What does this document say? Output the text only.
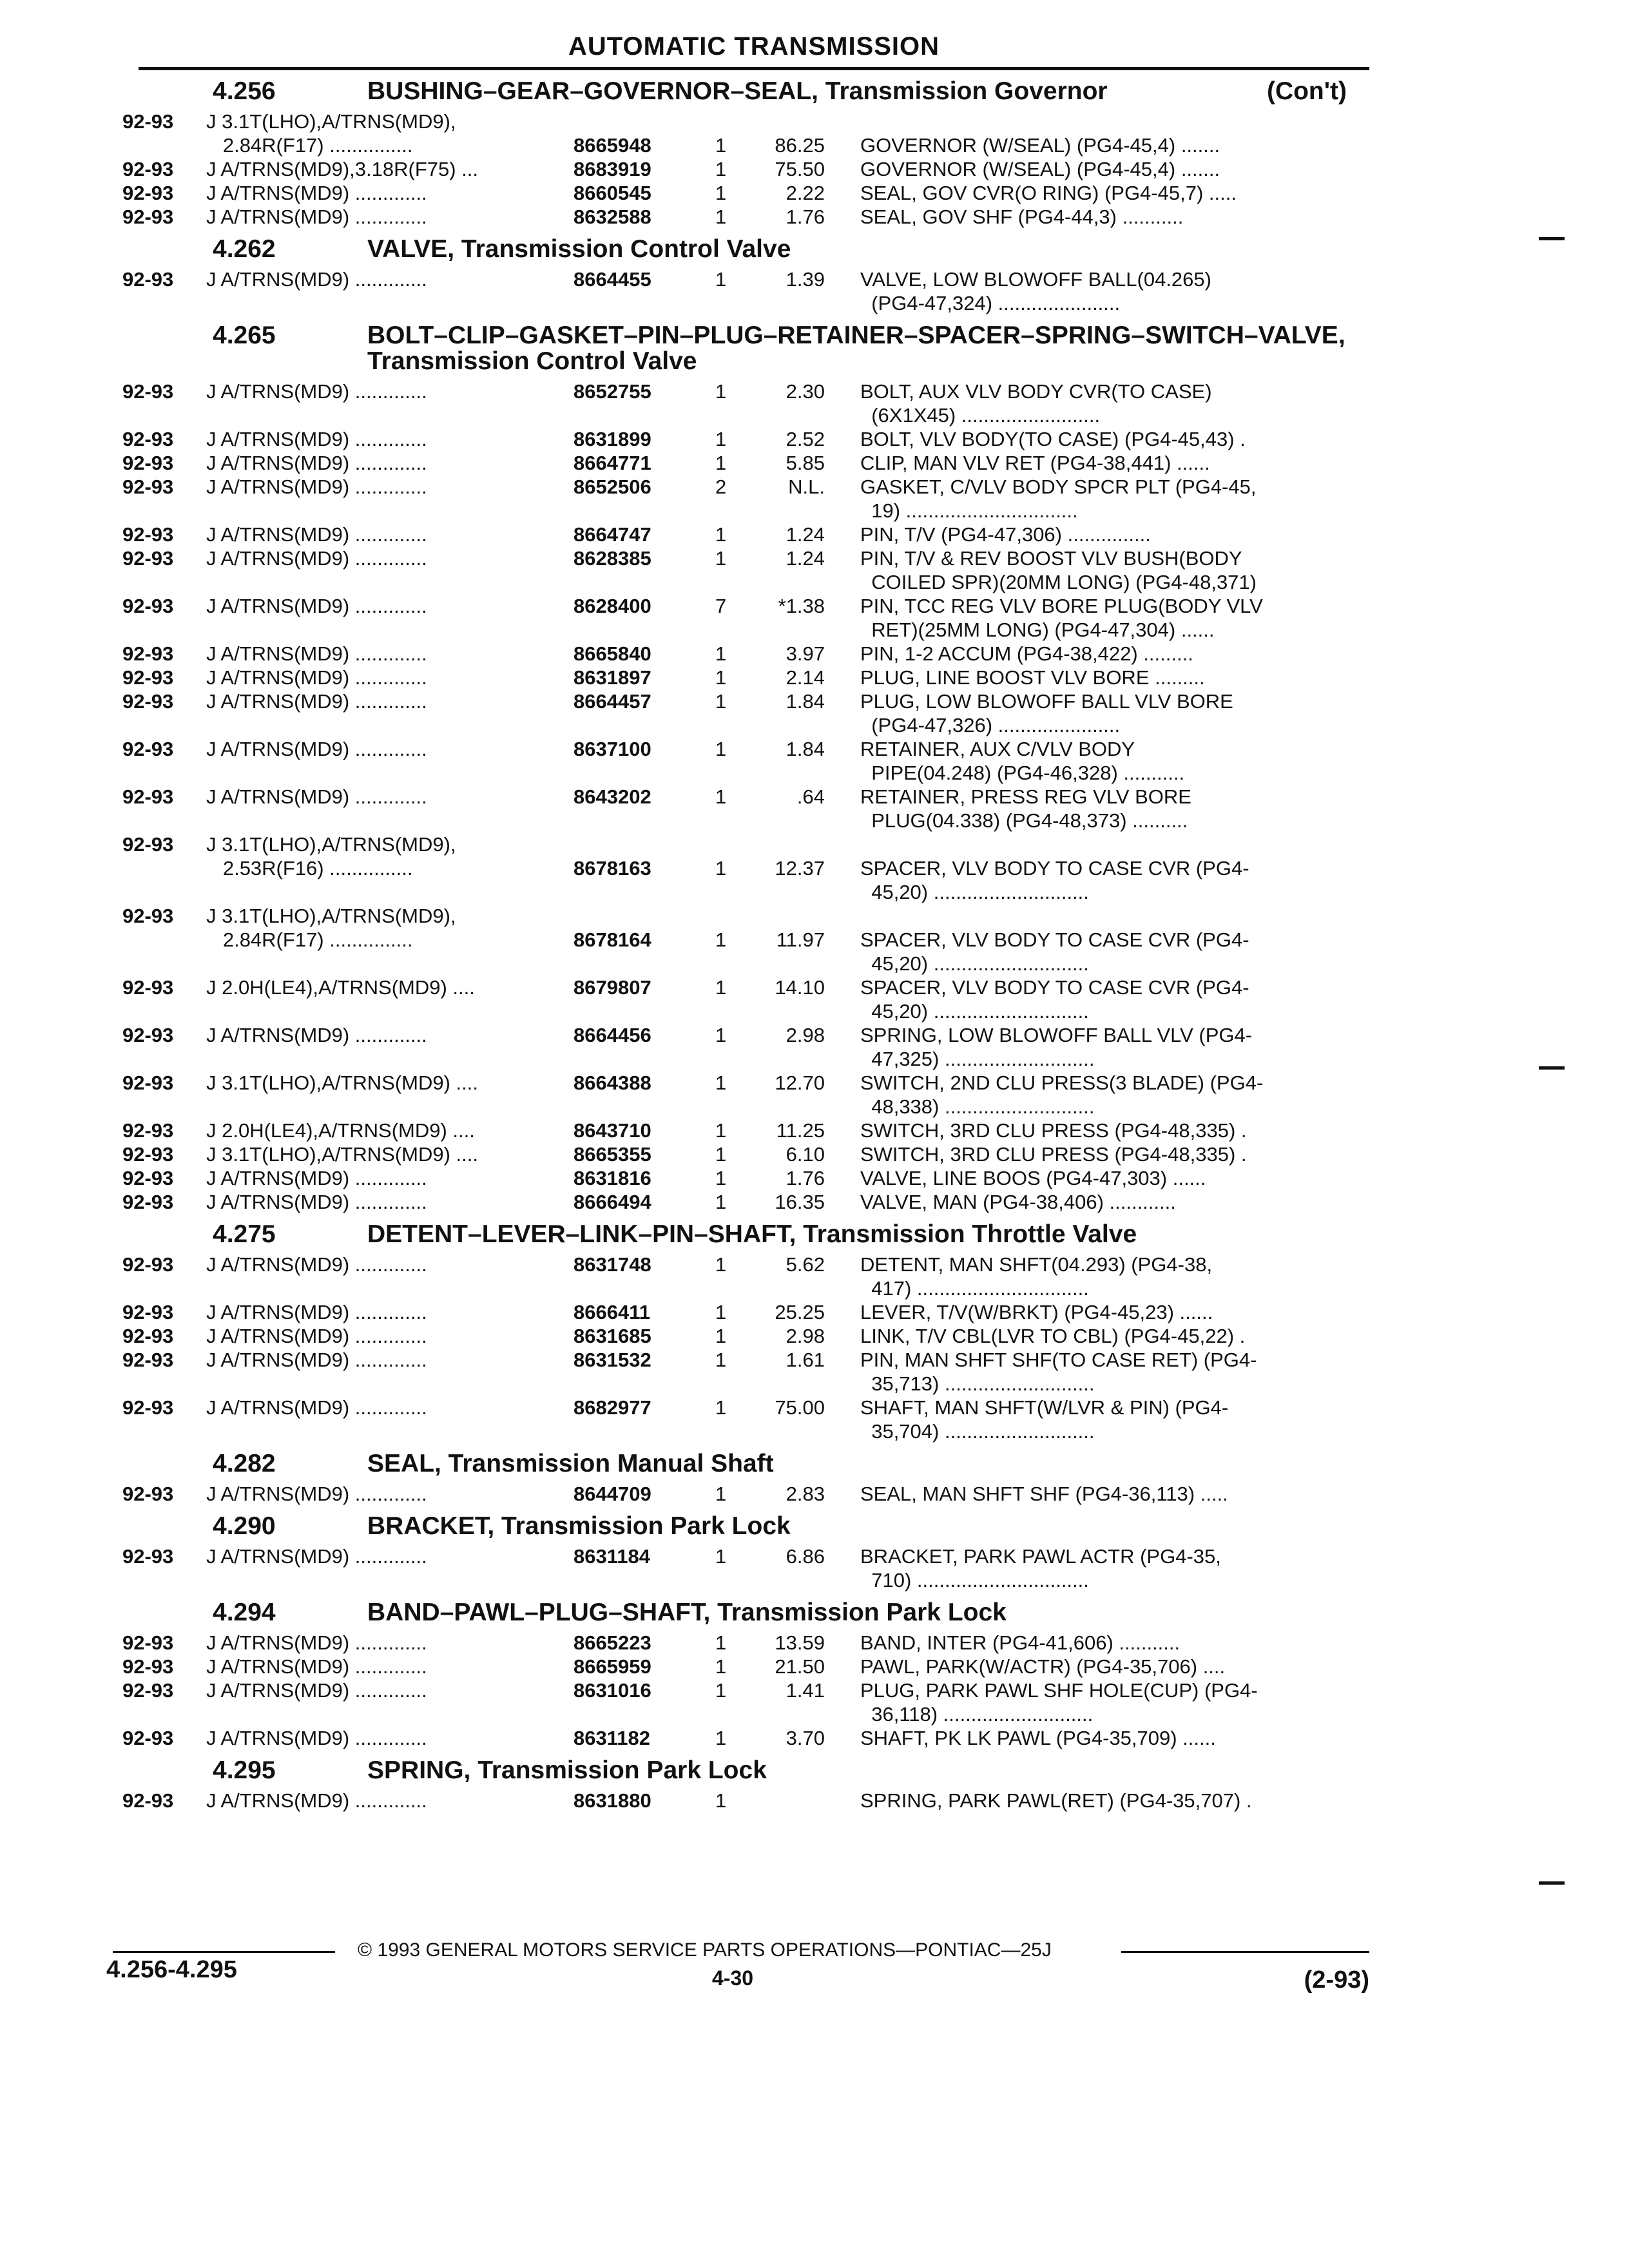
AUTOMATIC TRANSMISSION
4.256	BUSHING–GEAR–GOVERNOR–SEAL, Transmission Governor	(Con't)
92-93	J 3.1T(LHO),A/TRNS(MD9),
2.84R(F17) ...............	8665948	1	86.25 GOVERNOR (W/SEAL) (PG4-45,4) .......
92-93	J A/TRNS(MD9),3.18R(F75) ...	8683919	1	75.50 GOVERNOR (W/SEAL) (PG4-45,4) .......
92-93	J A/TRNS(MD9) .............	8660545	1	2.22 SEAL, GOV CVR(O RING) (PG4-45,7) .....
92-93	J A/TRNS(MD9) .............	8632588	1	1.76 SEAL, GOV SHF (PG4-44,3) ...........
4.262	VALVE, Transmission Control Valve
92-93	J A/TRNS(MD9) .............	8664455	1	1.39 VALVE, LOW BLOWOFF BALL(04.265)
(PG4-47,324) ......................
4.265	BOLT–CLIP–GASKET–PIN–PLUG–RETAINER–SPACER–SPRING–SWITCH–VALVE, Transmission Control Valve
92-93	J A/TRNS(MD9) .............	8652755	1	2.30 BOLT, AUX VLV BODY CVR(TO CASE)
(6X1X45) .........................
92-93	J A/TRNS(MD9) .............	8631899	1	2.52 BOLT, VLV BODY(TO CASE) (PG4-45,43) .
92-93	J A/TRNS(MD9) .............	8664771	1	5.85 CLIP, MAN VLV RET (PG4-38,441) ......
92-93	J A/TRNS(MD9) .............	8652506	2	N.L. GASKET, C/VLV BODY SPCR PLT (PG4-45,
19) ...............................
92-93	J A/TRNS(MD9) .............	8664747	1	1.24 PIN, T/V (PG4-47,306) ...............
92-93	J A/TRNS(MD9) .............	8628385	1	1.24 PIN, T/V & REV BOOST VLV BUSH(BODY
COILED SPR)(20MM LONG) (PG4-48,371)
92-93	J A/TRNS(MD9) .............	8628400	7	*1.38 PIN, TCC REG VLV BORE PLUG(BODY VLV
RET)(25MM LONG) (PG4-47,304) ......
92-93	J A/TRNS(MD9) .............	8665840	1	3.97 PIN, 1-2 ACCUM (PG4-38,422) .........
92-93	J A/TRNS(MD9) .............	8631897	1	2.14 PLUG, LINE BOOST VLV BORE .........
92-93	J A/TRNS(MD9) .............	8664457	1	1.84 PLUG, LOW BLOWOFF BALL VLV BORE
(PG4-47,326) ......................
92-93	J A/TRNS(MD9) .............	8637100	1	1.84 RETAINER, AUX C/VLV BODY
PIPE(04.248) (PG4-46,328) ...........
92-93	J A/TRNS(MD9) .............	8643202	1	.64 RETAINER, PRESS REG VLV BORE
PLUG(04.338) (PG4-48,373) ..........
92-93	J 3.1T(LHO),A/TRNS(MD9),
2.53R(F16) ...............	8678163	1	12.37 SPACER, VLV BODY TO CASE CVR (PG4-
45,20) ............................
92-93	J 3.1T(LHO),A/TRNS(MD9),
2.84R(F17) ...............	8678164	1	11.97 SPACER, VLV BODY TO CASE CVR (PG4-
45,20) ............................
92-93	J 2.0H(LE4),A/TRNS(MD9) ....	8679807	1	14.10 SPACER, VLV BODY TO CASE CVR (PG4-
45,20) ............................
92-93	J A/TRNS(MD9) .............	8664456	1	2.98 SPRING, LOW BLOWOFF BALL VLV (PG4-
47,325) ...........................
92-93	J 3.1T(LHO),A/TRNS(MD9) ....	8664388	1	12.70 SWITCH, 2ND CLU PRESS(3 BLADE) (PG4-
48,338) ...........................
92-93	J 2.0H(LE4),A/TRNS(MD9) ....	8643710	1	11.25 SWITCH, 3RD CLU PRESS (PG4-48,335) .
92-93	J 3.1T(LHO),A/TRNS(MD9) ....	8665355	1	6.10 SWITCH, 3RD CLU PRESS (PG4-48,335) .
92-93	J A/TRNS(MD9) .............	8631816	1	1.76 VALVE, LINE BOOS (PG4-47,303) ......
92-93	J A/TRNS(MD9) .............	8666494	1	16.35 VALVE, MAN (PG4-38,406) ............
4.275	DETENT–LEVER–LINK–PIN–SHAFT, Transmission Throttle Valve
92-93	J A/TRNS(MD9) .............	8631748	1	5.62 DETENT, MAN SHFT(04.293) (PG4-38,
417) ...............................
92-93	J A/TRNS(MD9) .............	8666411	1	25.25 LEVER, T/V(W/BRKT) (PG4-45,23) ......
92-93	J A/TRNS(MD9) .............	8631685	1	2.98 LINK, T/V CBL(LVR TO CBL) (PG4-45,22) .
92-93	J A/TRNS(MD9) .............	8631532	1	1.61 PIN, MAN SHFT SHF(TO CASE RET) (PG4-
35,713) ...........................
92-93	J A/TRNS(MD9) .............	8682977	1	75.00 SHAFT, MAN SHFT(W/LVR & PIN) (PG4-
35,704) ...........................
4.282	SEAL, Transmission Manual Shaft
92-93	J A/TRNS(MD9) .............	8644709	1	2.83 SEAL, MAN SHFT SHF (PG4-36,113) .....
4.290	BRACKET, Transmission Park Lock
92-93	J A/TRNS(MD9) .............	8631184	1	6.86 BRACKET, PARK PAWL ACTR (PG4-35,
710) ...............................
4.294	BAND–PAWL–PLUG–SHAFT, Transmission Park Lock
92-93	J A/TRNS(MD9) .............	8665223	1	13.59 BAND, INTER (PG4-41,606) ...........
92-93	J A/TRNS(MD9) .............	8665959	1	21.50 PAWL, PARK(W/ACTR) (PG4-35,706) ....
92-93	J A/TRNS(MD9) .............	8631016	1	1.41 PLUG, PARK PAWL SHF HOLE(CUP) (PG4-
36,118) ...........................
92-93	J A/TRNS(MD9) .............	8631182	1	3.70 SHAFT, PK LK PAWL (PG4-35,709) ......
4.295	SPRING, Transmission Park Lock
92-93	J A/TRNS(MD9) .............	8631880	1	SPRING, PARK PAWL(RET) (PG4-35,707) .
© 1993 GENERAL MOTORS SERVICE PARTS OPERATIONS—PONTIAC—25J
4.256-4.295	4-30	(2-93)
